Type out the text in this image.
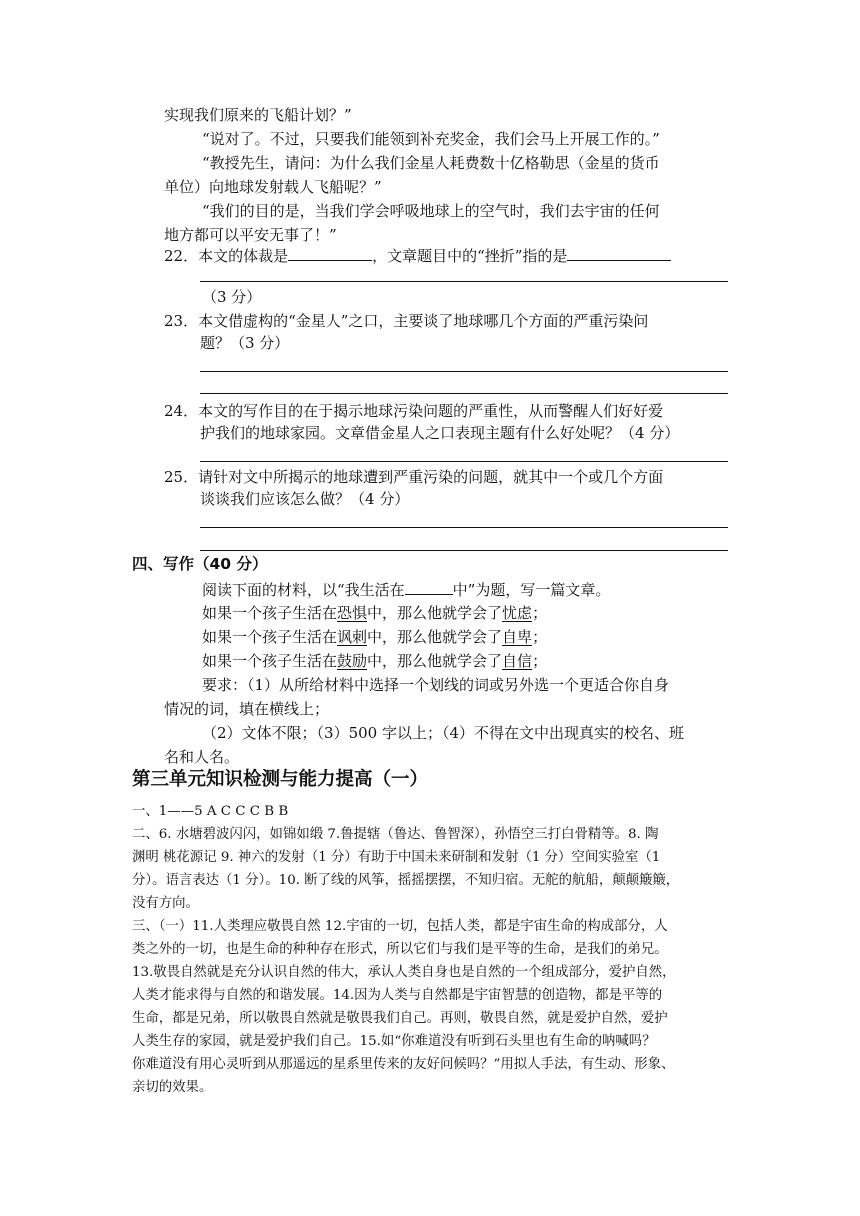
实现我们原来的飞船计划？”
“说对了。不过，只要我们能领到补充奖金，我们会马上开展工作的。”
“教授先生，请问：为什么我们金星人耗费数十亿格勒思（金星的货币
单位）向地球发射载人飞船呢？”
“我们的目的是，当我们学会呼吸地球上的空气时，我们去宇宙的任何
地方都可以平安无事了！”
22．本文的体裁是	，文章题目中的“挫折”指的是
（3 分）
23．本文借虚构的“金星人”之口，主要谈了地球哪几个方面的严重污染问
题？（3 分）
24．本文的写作目的在于揭示地球污染问题的严重性，从而警醒人们好好爱
护我们的地球家园。文章借金星人之口表现主题有什么好处呢？（4 分）
25．请针对文中所揭示的地球遭到严重污染的问题，就其中一个或几个方面
谈谈我们应该怎么做？（4 分）
四、写作（40 分）
阅读下面的材料，以“我生活在	中”为题，写一篇文章。
如果一个孩子生活在恐惧中，那么他就学会了忧虑；
如果一个孩子生活在讽刺中，那么他就学会了自卑；
如果一个孩子生活在鼓励中，那么他就学会了自信；
要求：（1）从所给材料中选择一个划线的词或另外选一个更适合你自身
情况的词，填在横线上；
（2）文体不限；（3）500 字以上；（4）不得在文中出现真实的校名、班
名和人名。
第三单元知识检测与能力提高（一）
一、1——5 A C C C B B
二、6. 水塘碧波闪闪，如锦如缎 7.鲁提辖（鲁达、鲁智深），孙悟空三打白骨精等。8. 陶
渊明 桃花源记 9. 神六的发射（1 分）有助于中国未来研制和发射（1 分）空间实验室（1
分）。语言表达（1 分）。10. 断了线的风筝，摇摇摆摆，不知归宿。无舵的航船，颠颠簸簸，
没有方向。
三、（一）11.人类理应敬畏自然 12.宇宙的一切，包括人类，都是宇宙生命的构成部分，人
类之外的一切，也是生命的种种存在形式，所以它们与我们是平等的生命，是我们的弟兄。
13.敬畏自然就是充分认识自然的伟大，承认人类自身也是自然的一个组成部分，爱护自然，
人类才能求得与自然的和谐发展。14.因为人类与自然都是宇宙智慧的创造物，都是平等的
生命，都是兄弟，所以敬畏自然就是敬畏我们自己。再则，敬畏自然，就是爱护自然，爱护
人类生存的家园，就是爱护我们自己。15.如“你难道没有听到石头里也有生命的呐喊吗？
你难道没有用心灵听到从那遥远的星系里传来的友好问候吗？”用拟人手法，有生动、形象、
亲切的效果。
